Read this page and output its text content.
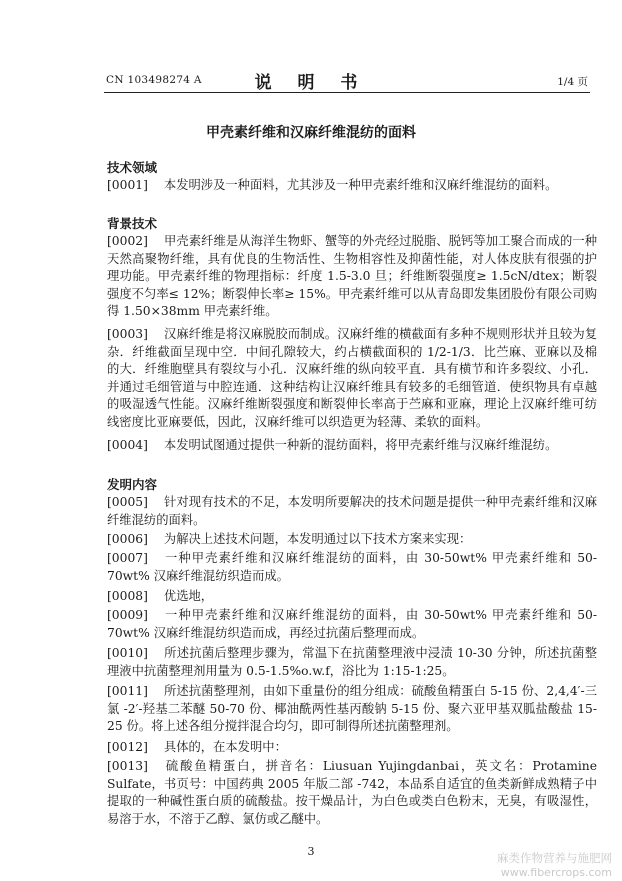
CN 103498274 A	说 明 书	1/4 页
甲壳素纤维和汉麻纤维混纺的面料
技术领域
[0001] 本发明涉及一种面料，尤其涉及一种甲壳素纤维和汉麻纤维混纺的面料。
背景技术
[0002] 甲壳素纤维是从海洋生物虾、蟹等的外壳经过脱脂、脱钙等加工聚合而成的一种天然高聚物纤维，具有优良的生物活性、生物相容性及抑菌性能，对人体皮肤有很强的护理功能。甲壳素纤维的物理指标：纤度 1.5-3.0 旦；纤维断裂强度≥ 1.5cN/dtex；断裂强度不匀率≤ 12%；断裂伸长率≥ 15%。甲壳素纤维可以从青岛即发集团股份有限公司购得 1.50×38mm 甲壳素纤维。
[0003] 汉麻纤维是将汉麻脱胶而制成。汉麻纤维的横截面有多种不规则形状并且较为复杂．纤维截面呈现中空．中间孔隙较大，约占横截面积的 1/2-1/3．比苎麻、亚麻以及棉的大．纤维胞壁具有裂纹与小孔．汉麻纤维的纵向较平直．具有横节和许多裂纹、小孔．并通过毛细管道与中腔连通．这种结构让汉麻纤维具有较多的毛细管道．使织物具有卓越的吸湿透气性能。汉麻纤维断裂强度和断裂伸长率高于苎麻和亚麻，理论上汉麻纤维可纺线密度比亚麻要低，因此，汉麻纤维可以织造更为轻薄、柔软的面料。
[0004] 本发明试图通过提供一种新的混纺面料，将甲壳素纤维与汉麻纤维混纺。
发明内容
[0005] 针对现有技术的不足，本发明所要解决的技术问题是提供一种甲壳素纤维和汉麻纤维混纺的面料。
[0006] 为解决上述技术问题，本发明通过以下技术方案来实现：
[0007] 一种甲壳素纤维和汉麻纤维混纺的面料，由 30-50wt% 甲壳素纤维和 50-70wt% 汉麻纤维混纺织造而成。
[0008] 优选地，
[0009] 一种甲壳素纤维和汉麻纤维混纺的面料，由 30-50wt% 甲壳素纤维和 50-70wt% 汉麻纤维混纺织造而成，再经过抗菌后整理而成。
[0010] 所述抗菌后整理步骤为，常温下在抗菌整理液中浸渍 10-30 分钟，所述抗菌整理液中抗菌整理剂用量为 0.5-1.5%o.w.f，浴比为 1:15-1:25。
[0011] 所述抗菌整理剂，由如下重量份的组分组成：硫酸鱼精蛋白 5-15 份、2,4,4′-三氯 -2′-羟基二苯醚 50-70 份、椰油酰两性基丙酸钠 5-15 份、聚六亚甲基双胍盐酸盐 15-25 份。将上述各组分搅拌混合均匀，即可制得所述抗菌整理剂。
[0012] 具体的，在本发明中：
[0013] 硫酸鱼精蛋白，拼音名：Liusuan Yujingdanbai，英文名：Protamine Sulfate，书页号：中国药典 2005 年版二部 -742，本品系自适宜的鱼类新鲜成熟精子中提取的一种碱性蛋白质的硫酸盐。按干燥品计，为白色或类白色粉末，无臭，有吸湿性，易溶于水，不溶于乙醇、氯仿或乙醚中。
3	麻类作物营养与施肥网
www.fibercrops.com
